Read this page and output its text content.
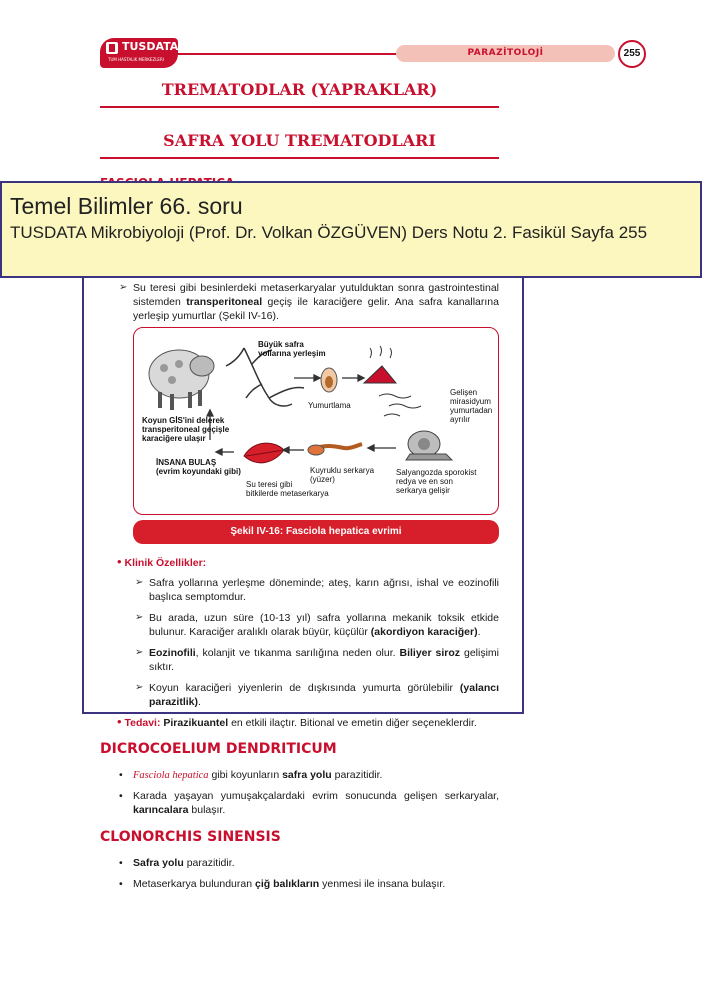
TUSDATA
TUM HASTALIK MERKEZLERI
PARAZİTOLOJİ	255
TREMATODLAR (YAPRAKLAR)
SAFRA YOLU TREMATODLARI
Temel Bilimler 66. soru
TUSDATA Mikrobiyoloji (Prof. Dr. Volkan ÖZGÜVEN) Ders Notu 2. Fasikül Sayfa 255
➢ Su teresi gibi besinlerdeki metaserkaryalar yutulduktan sonra gastrointestinal sistemden transperitoneal geçiş ile karaciğere gelir. Ana safra kanallarına yerleşip yumurtlar (Şekil IV-16).
Büyük safra
yollarına yerleşim
Yumurtlama
Gelişen
mirasidyum
yumurtadan
ayrılır
Koyun GİS'ini delerek
transperitoneal geçişle
karaciğere ulaşır
İNSANA BULAŞ
(evrim koyundaki gibi)	Kuyruklu serkarya
(yüzer)
Salyangozda sporokist
redya ve en son
serkarya gelişir
Su teresi gibi
bitkilerde metaserkarya
Şekil IV-16: Fasciola hepatica evrimi
• Klinik Özellikler:
➢ Safra yollarına yerleşme döneminde; ateş, karın ağrısı, ishal ve eozinofili başlıca semptomdur.
➢ Bu arada, uzun süre (10-13 yıl) safra yollarına mekanik toksik etkide bulunur. Karaciğer aralıklı olarak büyür, küçülür (akordiyon karaciğer).
➢ Eozinofili, kolanjit ve tıkanma sarılığına neden olur. Biliyer siroz gelişimi sıktır.
➢ Koyun karaciğeri yiyenlerin de dışkısında yumurta görülebilir (yalancı parazitlik).
• Tedavi: Pirazikuantel en etkili ilaçtır. Bitional ve emetin diğer seçeneklerdir.
DICROCOELIUM DENDRITICUM
• Fasciola hepatica gibi koyunların safra yolu parazitidir.
• Karada yaşayan yumuşakçalardaki evrim sonucunda gelişen serkaryalar, karıncalara bulaşır.
CLONORCHIS SINENSIS
• Safra yolu parazitidir.
• Metaserkarya bulunduran çiğ balıkların yenmesi ile insana bulaşır.
